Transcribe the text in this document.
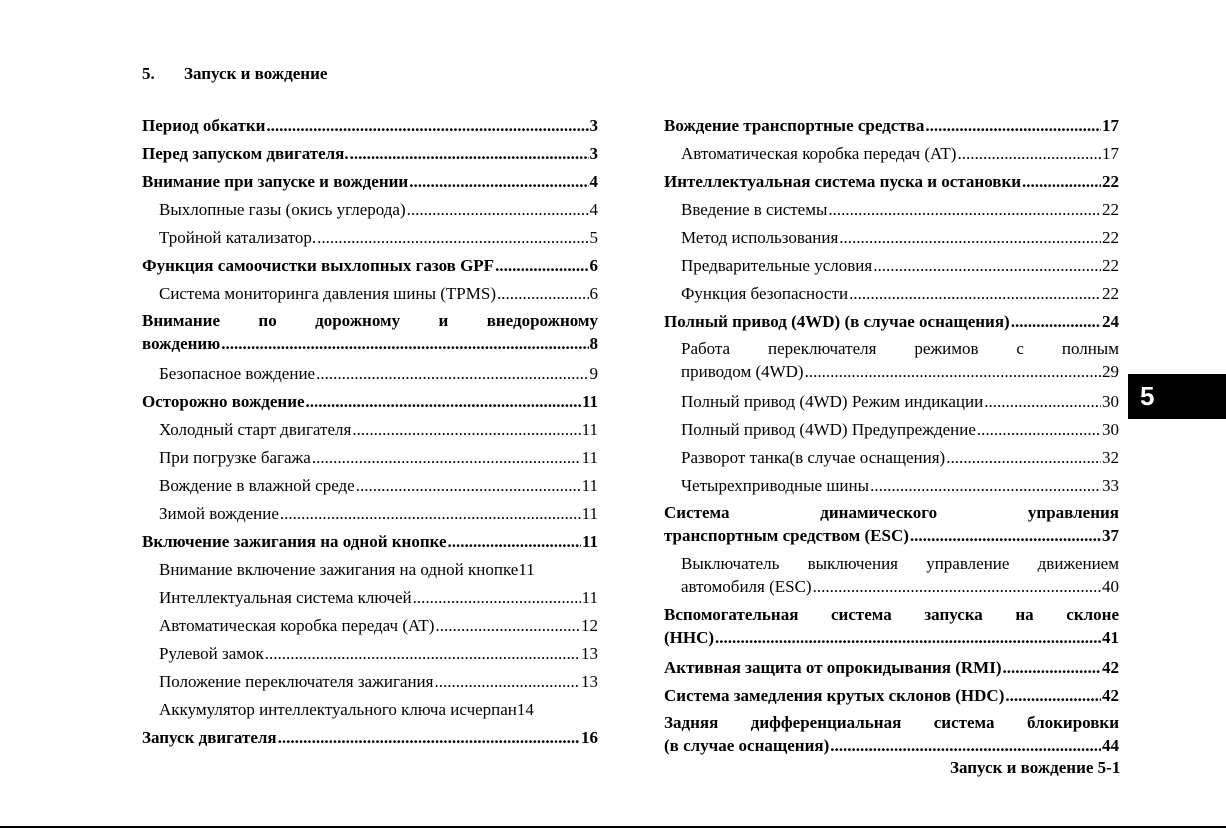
5. Запуск и вождение
Период обкатки .....	3
Перед запуском двигателя. .....	3
Внимание при запуске и вождении .....	4
Выхлопные газы (окись углерода) .....	4
Тройной катализатор. .....	5
Функция самоочистки выхлопных газов GPF .....	6
Система мониторинга давления шины (TPMS) .....	6
Внимание по дорожному и внедорожному
вождению .....	8
Безопасное вождение .....	9
Осторожно вождение .....	11
Холодный старт двигателя .....	11
При погрузке багажа .....	11
Вождение в влажной среде .....	11
Зимой вождение .....	11
Включение зажигания на одной кнопке .....	11
Внимание включение зажигания на одной кнопке 11
Интеллектуальная система ключей .....	11
Автоматическая коробка передач (AT) .....	12
Рулевой замок .....	13
Положение переключателя зажигания .....	13
Аккумулятор интеллектуального ключа исчерпан 14
Запуск двигателя .....	16
Вождение транспортные средства .....	17
Автоматическая коробка передач (AT) .....	17
Интеллектуальная система пуска и остановки .....	22
Введение в системы .....	22
Метод использования .....	22
Предварительные условия .....	22
Функция безопасности .....	22
Полный привод (4WD) (в случае оснащения) .....	24
Работа переключателя режимов с полным
приводом (4WD) .....	29
Полный привод (4WD) Режим индикации .....	30
Полный привод (4WD) Предупреждение .....	30
Разворот танка(в случае оснащения) .....	32
Четырехприводные шины .....	33
Система динамического управления
транспортным средством (ESC) .....	37
Выключатель выключения управление движением
автомобиля (ESC) .....	40
Вспомогательная система запуска на склоне
(HHC) .....	41
Активная защита от опрокидывания (RMI) .....	42
Система замедления крутых склонов (HDC) .....	42
Задняя дифференциальная система блокировки
(в случае оснащения) .....	44
5
Запуск и вождение 5-1
